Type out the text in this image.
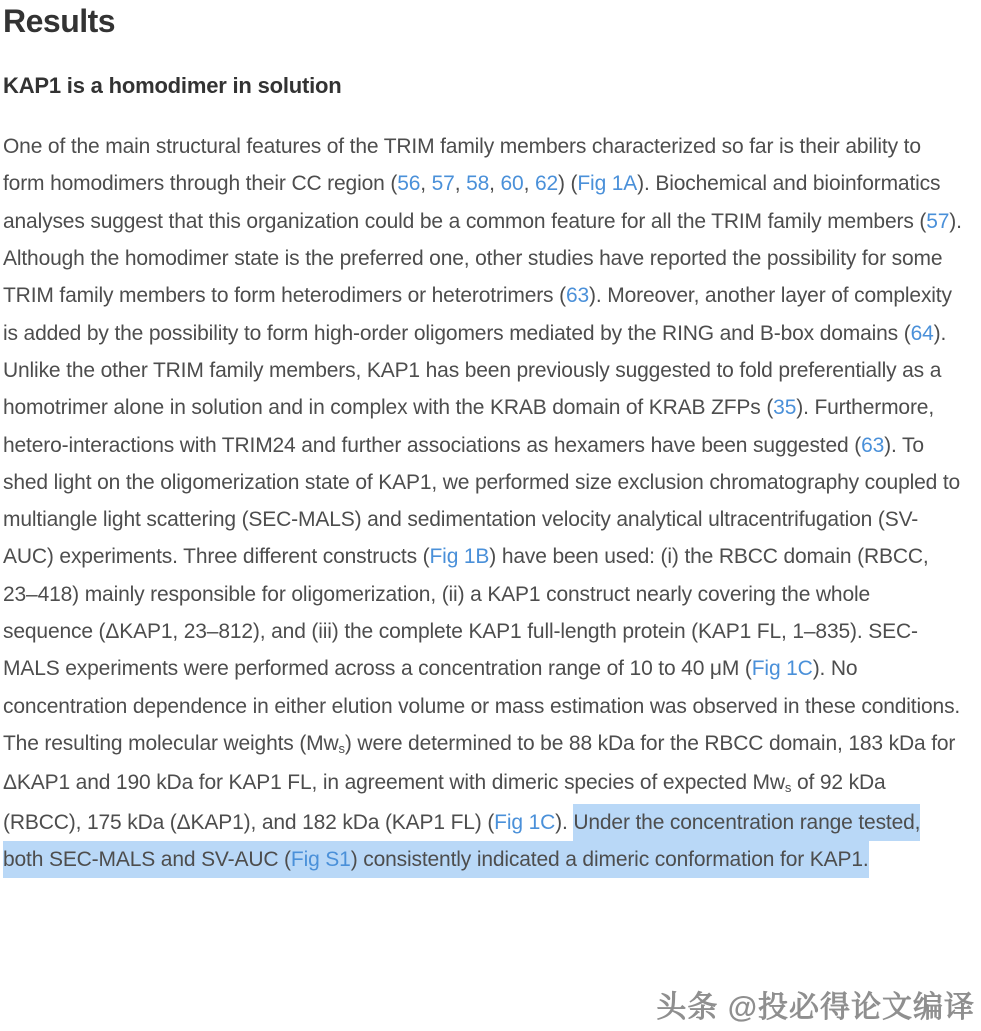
Results
KAP1 is a homodimer in solution

One of the main structural features of the TRIM family members characterized so far is their ability to form homodimers through their CC region (56, 57, 58, 60, 62) (Fig 1A). Biochemical and bioinformatics analyses suggest that this organization could be a common feature for all the TRIM family members (57). Although the homodimer state is the preferred one, other studies have reported the possibility for some TRIM family members to form heterodimers or heterotrimers (63). Moreover, another layer of complexity is added by the possibility to form high-order oligomers mediated by the RING and B-box domains (64). Unlike the other TRIM family members, KAP1 has been previously suggested to fold preferentially as a homotrimer alone in solution and in complex with the KRAB domain of KRAB ZFPs (35). Furthermore, hetero-interactions with TRIM24 and further associations as hexamers have been suggested (63). To shed light on the oligomerization state of KAP1, we performed size exclusion chromatography coupled to multiangle light scattering (SEC-MALS) and sedimentation velocity analytical ultracentrifugation (SV-AUC) experiments. Three different constructs (Fig 1B) have been used: (i) the RBCC domain (RBCC, 23–418) mainly responsible for oligomerization, (ii) a KAP1 construct nearly covering the whole sequence (ΔKAP1, 23–812), and (iii) the complete KAP1 full-length protein (KAP1 FL, 1–835). SEC-MALS experiments were performed across a concentration range of 10 to 40 μM (Fig 1C). No concentration dependence in either elution volume or mass estimation was observed in these conditions. The resulting molecular weights $(Mw_s)$ were determined to be 88 kDa for the RBCC domain, 183 kDa for ΔKAP1 and 190 kDa for KAP1 FL, in agreement with dimeric species of expected $Mw_s$ of 92 kDa (RBCC), 175 kDa (ΔKAP1), and 182 kDa (KAP1 FL) (Fig 1C). Under the concentration range tested, both SEC-MALS and SV-AUC (Fig S1) consistently indicated a dimeric conformation for KAP1.

头条 @投必得论文编译
